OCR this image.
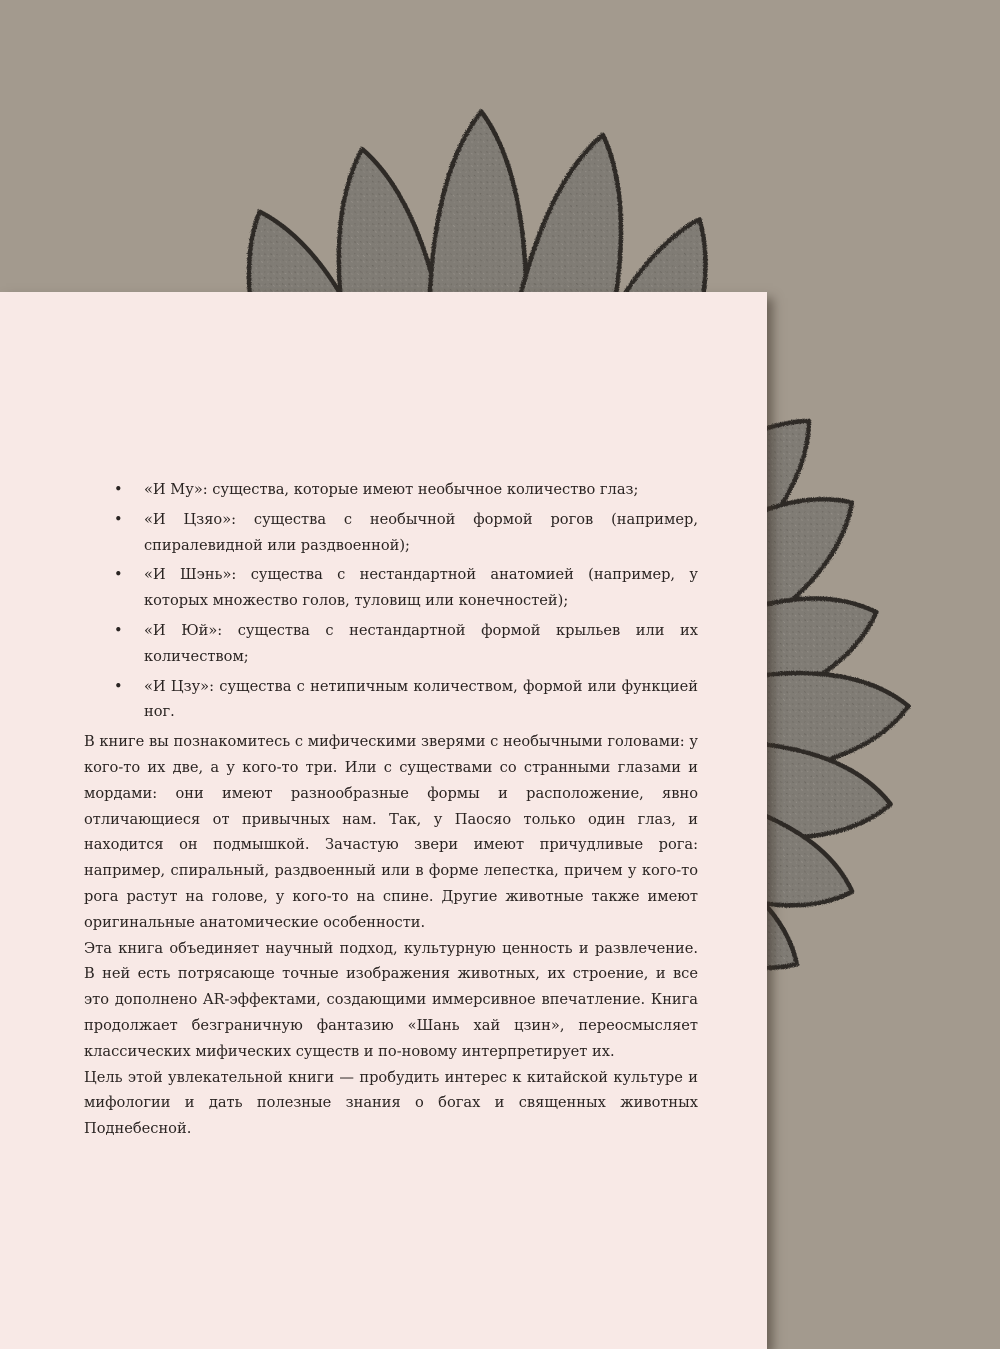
• «И Му»: существа, которые имеют необычное количество глаз;
• «И Цзяо»: существа с необычной формой рогов (например, спиралевидной или раздвоенной);
• «И Шэнь»: существа с нестандартной анатомией (например, у которых множество голов, туловищ или конечностей);
• «И Юй»: существа с нестандартной формой крыльев или их количеством;
• «И Цзу»: существа с нетипичным количеством, формой или функцией ног.

В книге вы познакомитесь с мифическими зверями с необычными головами: у кого-то их две, а у кого-то три. Или с существами со странными глазами и мордами: они имеют разнообразные формы и расположение, явно отличающиеся от привычных нам. Так, у Паосяо только один глаз, и находится он подмышкой. Зачастую звери имеют причудливые рога: например, спиральный, раздвоенный или в форме лепестка, причем у кого-то рога растут на голове, у кого-то на спине. Другие животные также имеют оригинальные анатомические особенности.

Эта книга объединяет научный подход, культурную ценность и развлечение. В ней есть потрясающе точные изображения животных, их строение, и все это дополнено AR-эффектами, создающими иммерсивное впечатление. Книга продолжает безграничную фантазию «Шань хай цзин», переосмысляет классических мифических существ и по-новому интерпретирует их.

Цель этой увлекательной книги — пробудить интерес к китайской культуре и мифологии и дать полезные знания о богах и священных животных Поднебесной.
